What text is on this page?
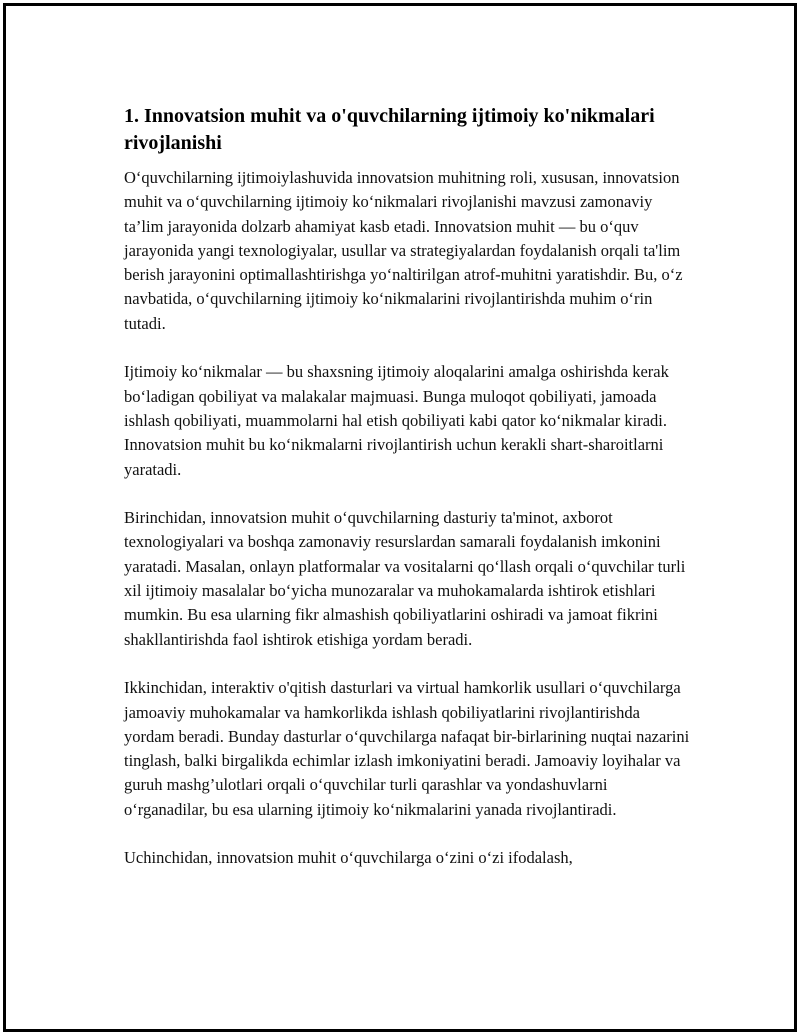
1. Innovatsion muhit va o'quvchilarning ijtimoiy ko'nikmalari rivojlanishi

O‘quvchilarning ijtimoiylashuvida innovatsion muhitning roli, xususan, innovatsion muhit va o‘quvchilarning ijtimoiy ko‘nikmalari rivojlanishi mavzusi zamonaviy ta’lim jarayonida dolzarb ahamiyat kasb etadi. Innovatsion muhit — bu o‘quv jarayonida yangi texnologiyalar, usullar va strategiyalardan foydalanish orqali ta'lim berish jarayonini optimallashtirishga yo‘naltirilgan atrof-muhitni yaratishdir. Bu, o‘z navbatida, o‘quvchilarning ijtimoiy ko‘nikmalarini rivojlantirishda muhim o‘rin tutadi.

Ijtimoiy ko‘nikmalar — bu shaxsning ijtimoiy aloqalarini amalga oshirishda kerak bo‘ladigan qobiliyat va malakalar majmuasi. Bunga muloqot qobiliyati, jamoada ishlash qobiliyati, muammolarni hal etish qobiliyati kabi qator ko‘nikmalar kiradi. Innovatsion muhit bu ko‘nikmalarni rivojlantirish uchun kerakli shart-sharoitlarni yaratadi.

Birinchidan, innovatsion muhit o‘quvchilarning dasturiy ta'minot, axborot texnologiyalari va boshqa zamonaviy resurslardan samarali foydalanish imkonini yaratadi. Masalan, onlayn platformalar va vositalarni qo‘llash orqali o‘quvchilar turli xil ijtimoiy masalalar bo‘yicha munozaralar va muhokamalarda ishtirok etishlari mumkin. Bu esa ularning fikr almashish qobiliyatlarini oshiradi va jamoat fikrini shakllantirishda faol ishtirok etishiga yordam beradi.

Ikkinchidan, interaktiv o'qitish dasturlari va virtual hamkorlik usullari o‘quvchilarga jamoaviy muhokamalar va hamkorlikda ishlash qobiliyatlarini rivojlantirishda yordam beradi. Bunday dasturlar o‘quvchilarga nafaqat bir-birlarining nuqtai nazarini tinglash, balki birgalikda echimlar izlash imkoniyatini beradi. Jamoaviy loyihalar va guruh mashg’ulotlari orqali o‘quvchilar turli qarashlar va yondashuvlarni o‘rganadilar, bu esa ularning ijtimoiy ko‘nikmalarini yanada rivojlantiradi.

Uchinchidan, innovatsion muhit o‘quvchilarga o‘zini o‘zi ifodalash,
